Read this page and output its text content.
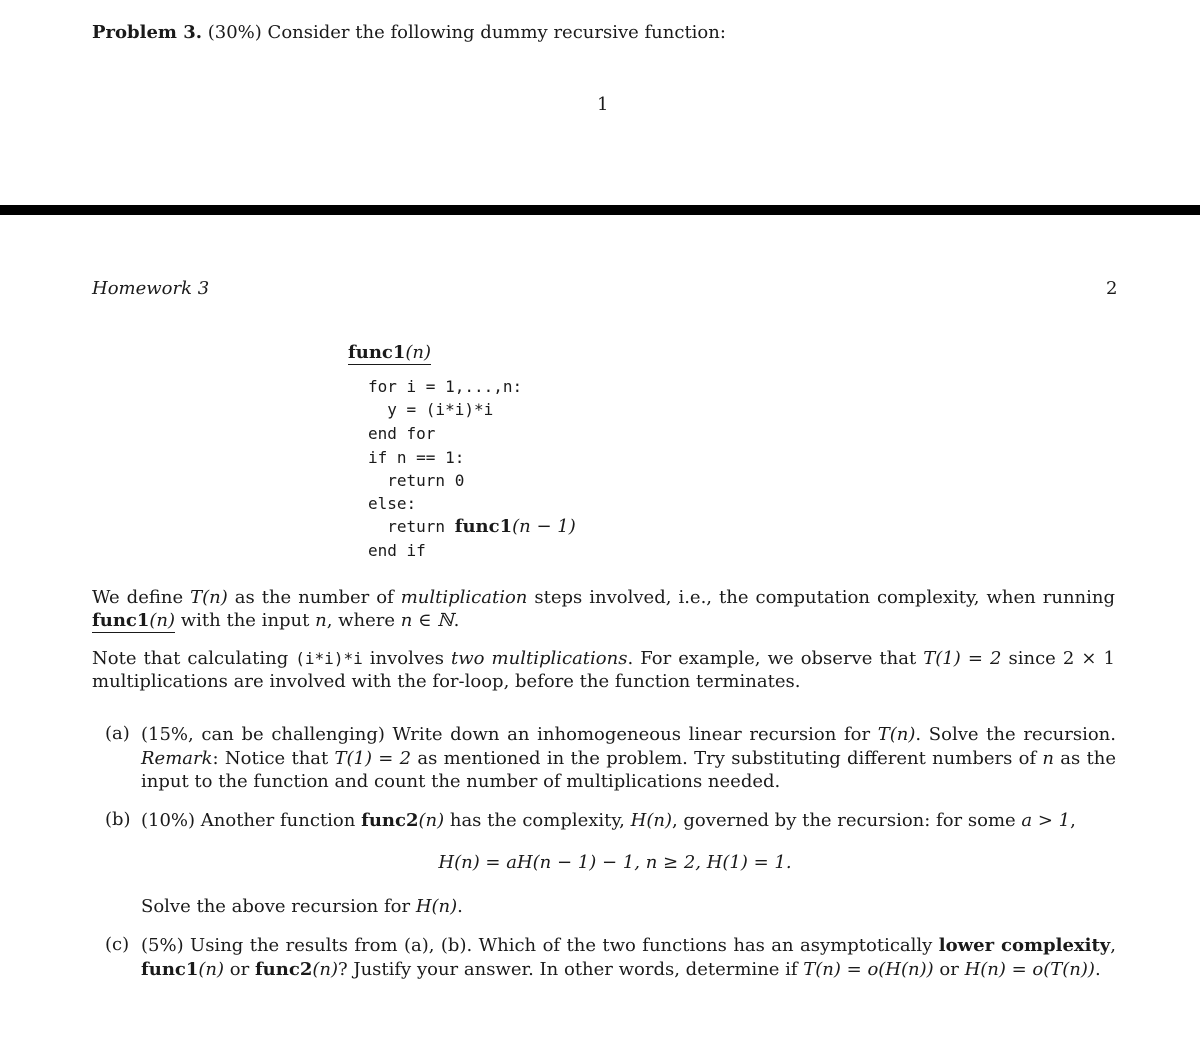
Problem 3. (30%) Consider the following dummy recursive function:
1
Homework 3	2
func1(n)
for i = 1,...,n:
y = (i*i)*i
end for
if n == 1:
return 0
else:
return func1(n − 1)
end if
We define T(n) as the number of multiplication steps involved, i.e., the computation complexity, when running func1(n) with the input n, where n ∈ ℕ.
Note that calculating (i*i)*i involves two multiplications. For example, we observe that T(1) = 2 since 2 × 1 multiplications are involved with the for-loop, before the function terminates.
(a) (15%, can be challenging) Write down an inhomogeneous linear recursion for T(n). Solve the recursion. Remark: Notice that T(1) = 2 as mentioned in the problem. Try substituting different numbers of n as the input to the function and count the number of multiplications needed.
(b) (10%) Another function func2(n) has the complexity, H(n), governed by the recursion: for some a > 1,
H(n) = aH(n − 1) − 1, n ≥ 2, H(1) = 1.
Solve the above recursion for H(n).
(c) (5%) Using the results from (a), (b). Which of the two functions has an asymptotically lower complexity, func1(n) or func2(n)? Justify your answer. In other words, determine if T(n) = o(H(n)) or H(n) = o(T(n)).
